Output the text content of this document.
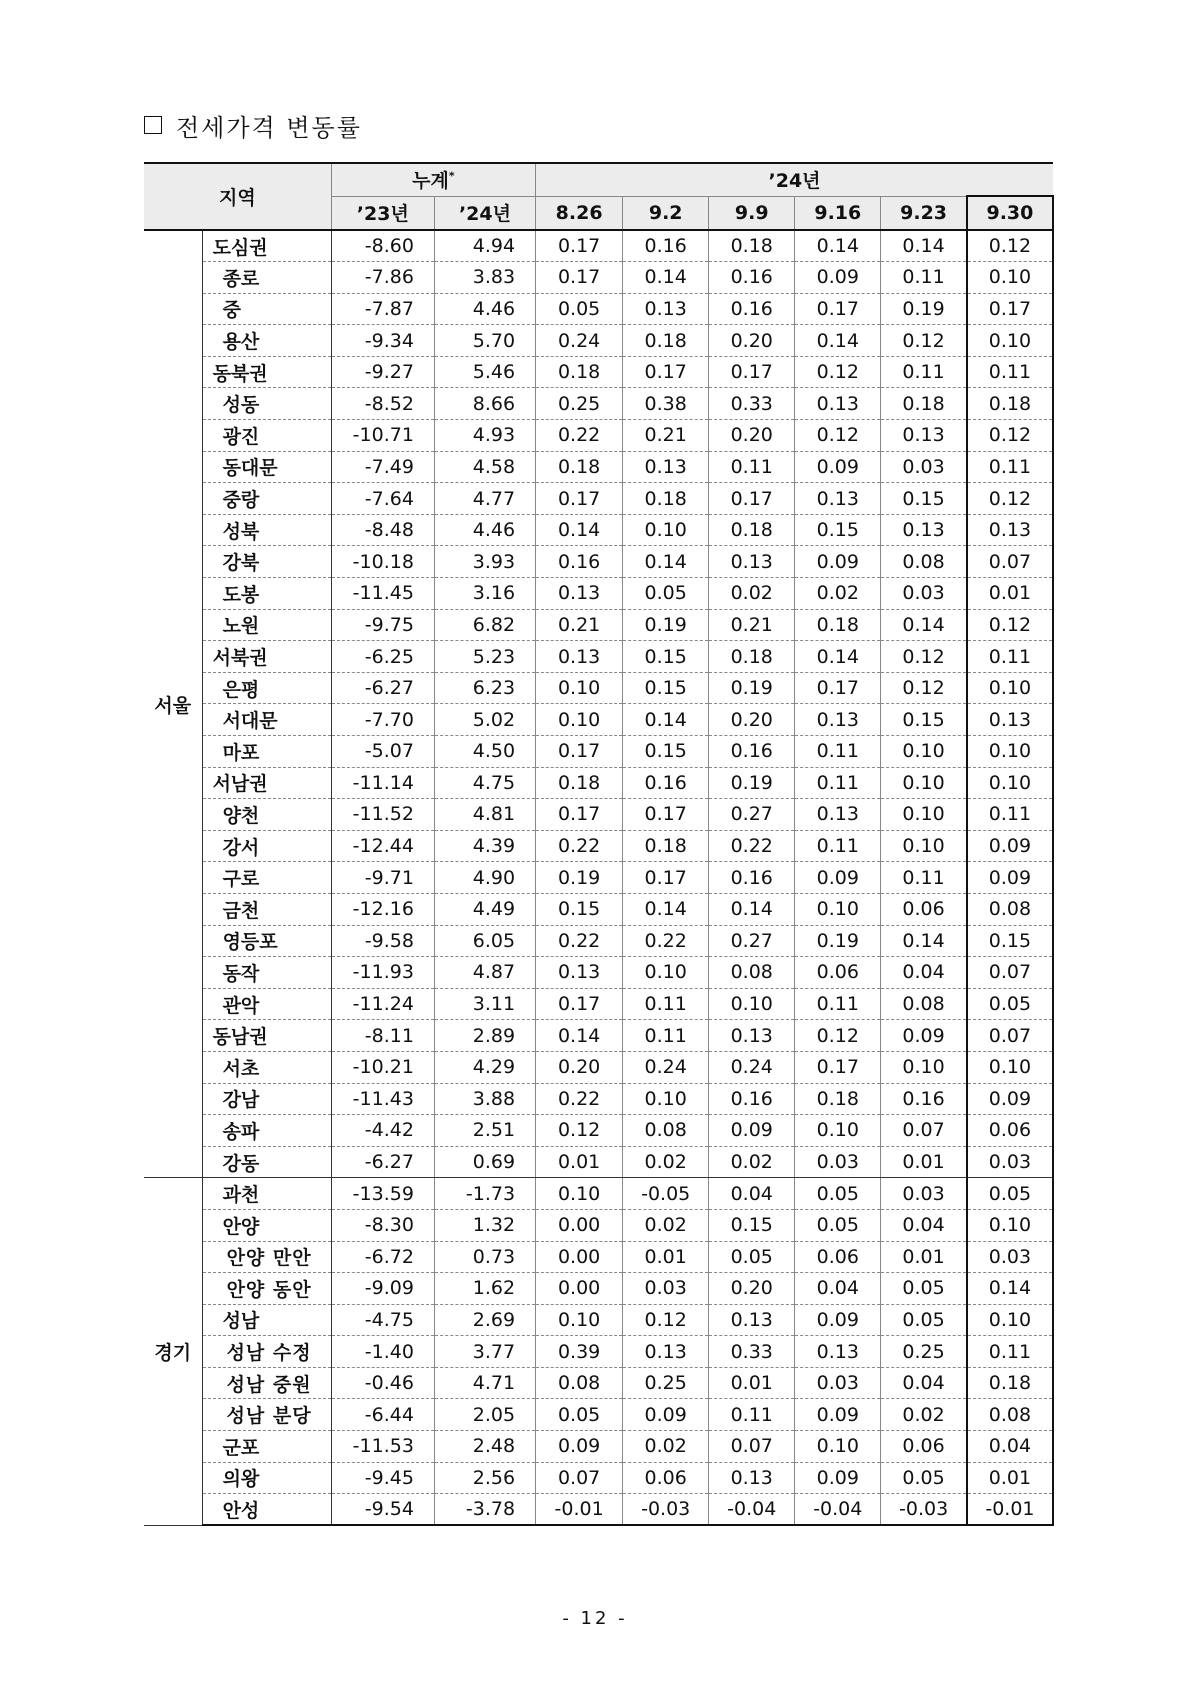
전세가격 변동률
지역		누계*		’24년					
		’23년	’24년	8.26	9.2	9.9	9.16	9.23	9.30
서울	도심권	-8.60	4.94	0.17	0.16	0.18	0.14	0.14	0.12
	종로	-7.86	3.83	0.17	0.14	0.16	0.09	0.11	0.10
	중	-7.87	4.46	0.05	0.13	0.16	0.17	0.19	0.17
	용산	-9.34	5.70	0.24	0.18	0.20	0.14	0.12	0.10
	동북권	-9.27	5.46	0.18	0.17	0.17	0.12	0.11	0.11
	성동	-8.52	8.66	0.25	0.38	0.33	0.13	0.18	0.18
	광진	-10.71	4.93	0.22	0.21	0.20	0.12	0.13	0.12
	동대문	-7.49	4.58	0.18	0.13	0.11	0.09	0.03	0.11
	중랑	-7.64	4.77	0.17	0.18	0.17	0.13	0.15	0.12
	성북	-8.48	4.46	0.14	0.10	0.18	0.15	0.13	0.13
	강북	-10.18	3.93	0.16	0.14	0.13	0.09	0.08	0.07
	도봉	-11.45	3.16	0.13	0.05	0.02	0.02	0.03	0.01
	노원	-9.75	6.82	0.21	0.19	0.21	0.18	0.14	0.12
	서북권	-6.25	5.23	0.13	0.15	0.18	0.14	0.12	0.11
	은평	-6.27	6.23	0.10	0.15	0.19	0.17	0.12	0.10
	서대문	-7.70	5.02	0.10	0.14	0.20	0.13	0.15	0.13
	마포	-5.07	4.50	0.17	0.15	0.16	0.11	0.10	0.10
	서남권	-11.14	4.75	0.18	0.16	0.19	0.11	0.10	0.10
	양천	-11.52	4.81	0.17	0.17	0.27	0.13	0.10	0.11
	강서	-12.44	4.39	0.22	0.18	0.22	0.11	0.10	0.09
	구로	-9.71	4.90	0.19	0.17	0.16	0.09	0.11	0.09
	금천	-12.16	4.49	0.15	0.14	0.14	0.10	0.06	0.08
	영등포	-9.58	6.05	0.22	0.22	0.27	0.19	0.14	0.15
	동작	-11.93	4.87	0.13	0.10	0.08	0.06	0.04	0.07
	관악	-11.24	3.11	0.17	0.11	0.10	0.11	0.08	0.05
	동남권	-8.11	2.89	0.14	0.11	0.13	0.12	0.09	0.07
	서초	-10.21	4.29	0.20	0.24	0.24	0.17	0.10	0.10
	강남	-11.43	3.88	0.22	0.10	0.16	0.18	0.16	0.09
	송파	-4.42	2.51	0.12	0.08	0.09	0.10	0.07	0.06
	강동	-6.27	0.69	0.01	0.02	0.02	0.03	0.01	0.03
경기	과천	-13.59	-1.73	0.10	-0.05	0.04	0.05	0.03	0.05
	안양	-8.30	1.32	0.00	0.02	0.15	0.05	0.04	0.10
	안양 만안	-6.72	0.73	0.00	0.01	0.05	0.06	0.01	0.03
	안양 동안	-9.09	1.62	0.00	0.03	0.20	0.04	0.05	0.14
	성남	-4.75	2.69	0.10	0.12	0.13	0.09	0.05	0.10
	성남 수정	-1.40	3.77	0.39	0.13	0.33	0.13	0.25	0.11
	성남 중원	-0.46	4.71	0.08	0.25	0.01	0.03	0.04	0.18
	성남 분당	-6.44	2.05	0.05	0.09	0.11	0.09	0.02	0.08
	군포	-11.53	2.48	0.09	0.02	0.07	0.10	0.06	0.04
	의왕	-9.45	2.56	0.07	0.06	0.13	0.09	0.05	0.01
	안성	-9.54	-3.78	-0.01	-0.03	-0.04	-0.04	-0.03	-0.01
- 12 -
